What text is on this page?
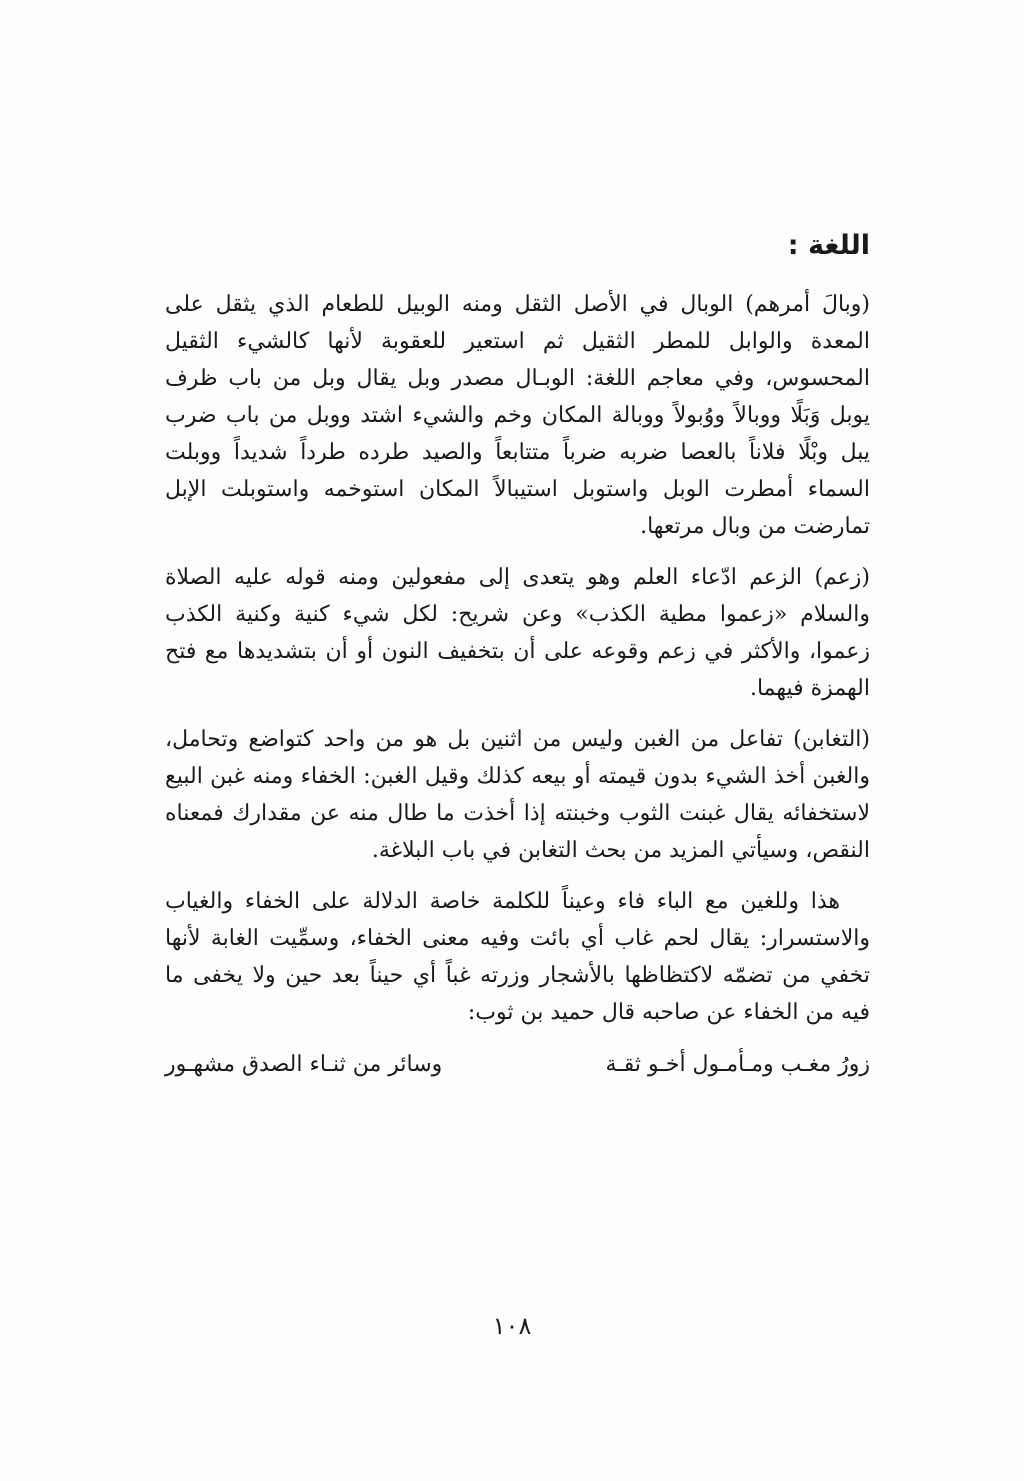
اللغة :

(وبالَ أمرهم) الوبال في الأصل الثقل ومنه الوبيل للطعام الذي يثقل على المعدة والوابل للمطر الثقيل ثم استعير للعقوبة لأنها كالشيء الثقيل المحسوس، وفي معاجم اللغة: الوبـال مصدر وبل يقال وبل من باب ظرف يوبل وَبَلًا ووبالاً ووُبولاً ووبالة المكان وخم والشيء اشتد ووبل من باب ضرب يبل وبْلًا فلاناً بالعصا ضربه ضرباً متتابعاً والصيد طرده طرداً شديداً ووبلت السماء أمطرت الوبل واستوبل استيبالاً المكان استوخمه واستوبلت الإبل تمارضت من وبال مرتعها.

(زعم) الزعم ادّعاء العلم وهو يتعدى إلى مفعولين ومنه قوله عليه الصلاة والسلام «زعموا مطية الكذب» وعن شريح: لكل شيء كنية وكنية الكذب زعموا، والأكثر في زعم وقوعه على أن بتخفيف النون أو أن بتشديدها مع فتح الهمزة فيهما.

(التغابن) تفاعل من الغبن وليس من اثنين بل هو من واحد كتواضع وتحامل، والغبن أخذ الشيء بدون قيمته أو بيعه كذلك وقيل الغبن: الخفاء ومنه غبن البيع لاستخفائه يقال غبنت الثوب وخبنته إذا أخذت ما طال منه عن مقدارك فمعناه النقص، وسيأتي المزيد من بحث التغابن في باب البلاغة.

هذا وللغين مع الباء فاء وعيناً للكلمة خاصة الدلالة على الخفاء والغياب والاستسرار: يقال لحم غاب أي بائت وفيه معنى الخفاء، وسمِّيت الغابة لأنها تخفي من تضمّه لاكتظاظها بالأشجار وزرته غباً أي حيناً بعد حين ولا يخفى ما فيه من الخفاء عن صاحبه قال حميد بن ثوب:

زورُ مغـب ومـأمـول أخـو ثقـة
وسائر من ثنـاء الصدق مشهـور
١٠٨
